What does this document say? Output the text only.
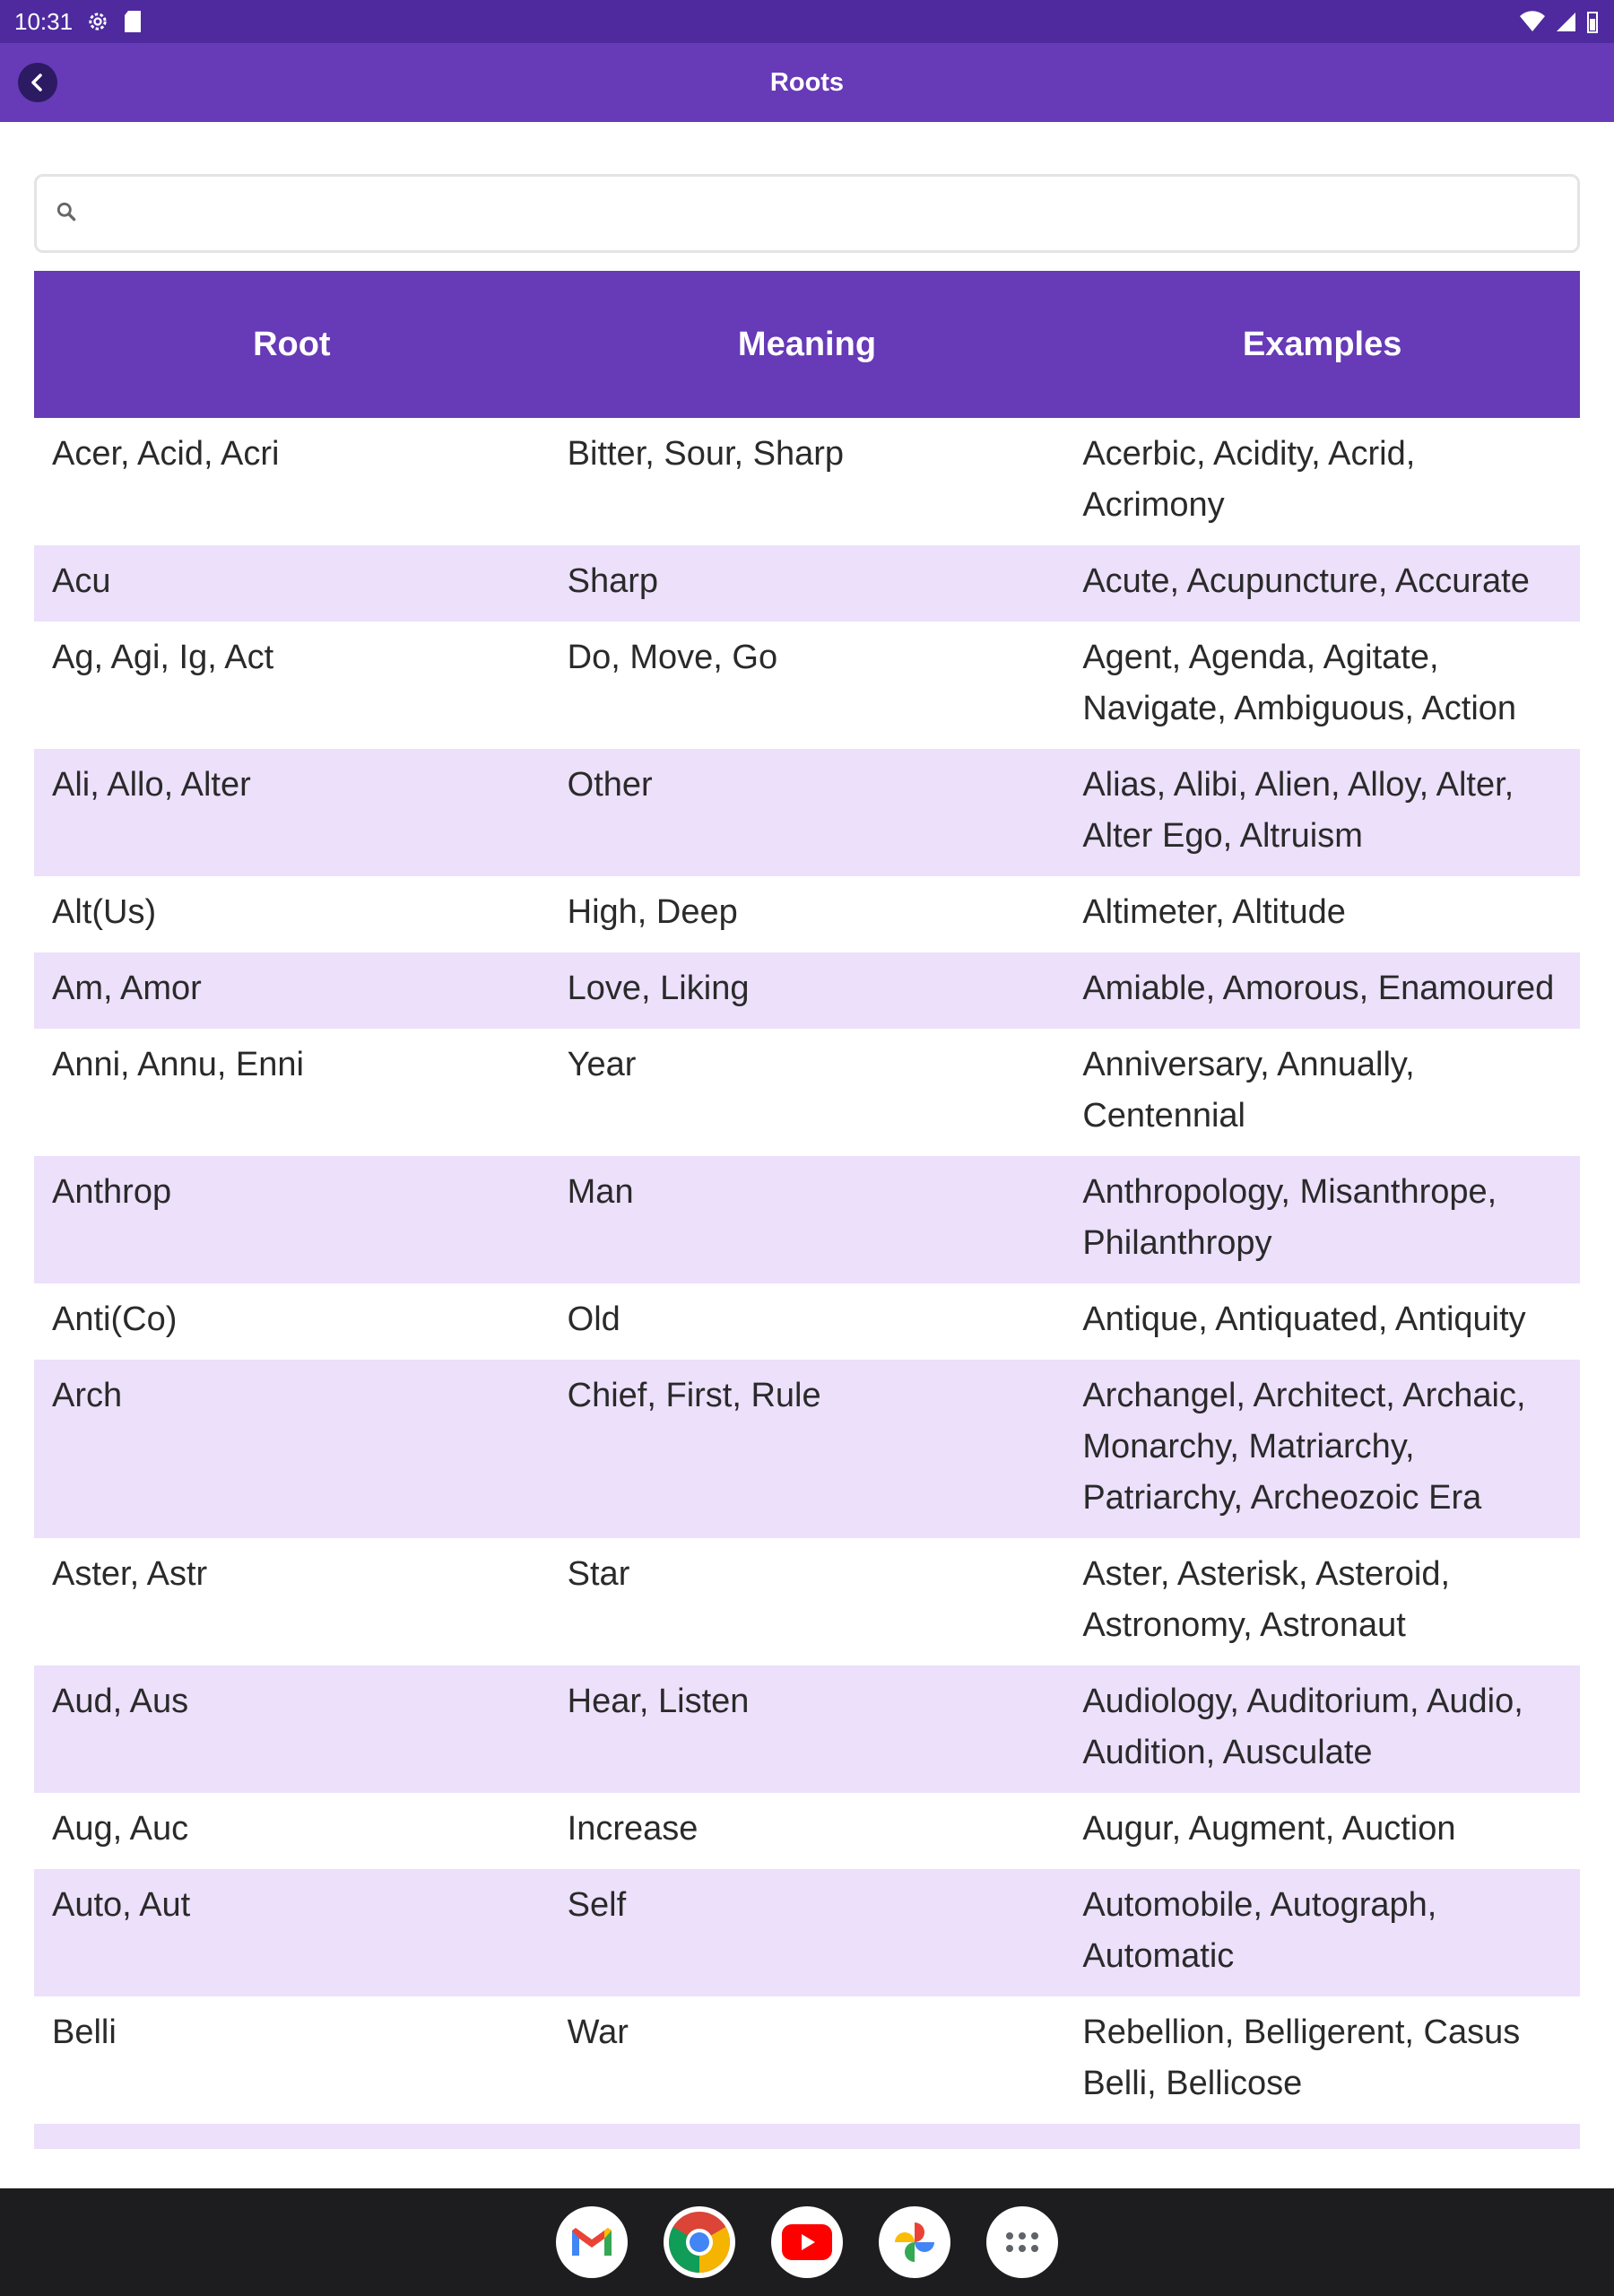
10:31
Roots
Root	Meaning	Examples
Acer, Acid, Acri	Bitter, Sour, Sharp	Acerbic, Acidity, Acrid, Acrimony
Acu	Sharp	Acute, Acupuncture, Accurate
Ag, Agi, Ig, Act	Do, Move, Go	Agent, Agenda, Agitate, Navigate, Ambiguous, Action
Ali, Allo, Alter	Other	Alias, Alibi, Alien, Alloy, Alter, Alter Ego, Altruism
Alt(Us)	High, Deep	Altimeter, Altitude
Am, Amor	Love, Liking	Amiable, Amorous, Enamoured
Anni, Annu, Enni	Year	Anniversary, Annually, Centennial
Anthrop	Man	Anthropology, Misanthrope, Philanthropy
Anti(Co)	Old	Antique, Antiquated, Antiquity
Arch	Chief, First, Rule	Archangel, Architect, Archaic, Monarchy, Matriarchy, Patriarchy, Archeozoic Era
Aster, Astr	Star	Aster, Asterisk, Asteroid, Astronomy, Astronaut
Aud, Aus	Hear, Listen	Audiology, Auditorium, Audio, Audition, Ausculate
Aug, Auc	Increase	Augur, Augment, Auction
Auto, Aut	Self	Automobile, Autograph, Automatic
Belli	War	Rebellion, Belligerent, Casus Belli, Bellicose
